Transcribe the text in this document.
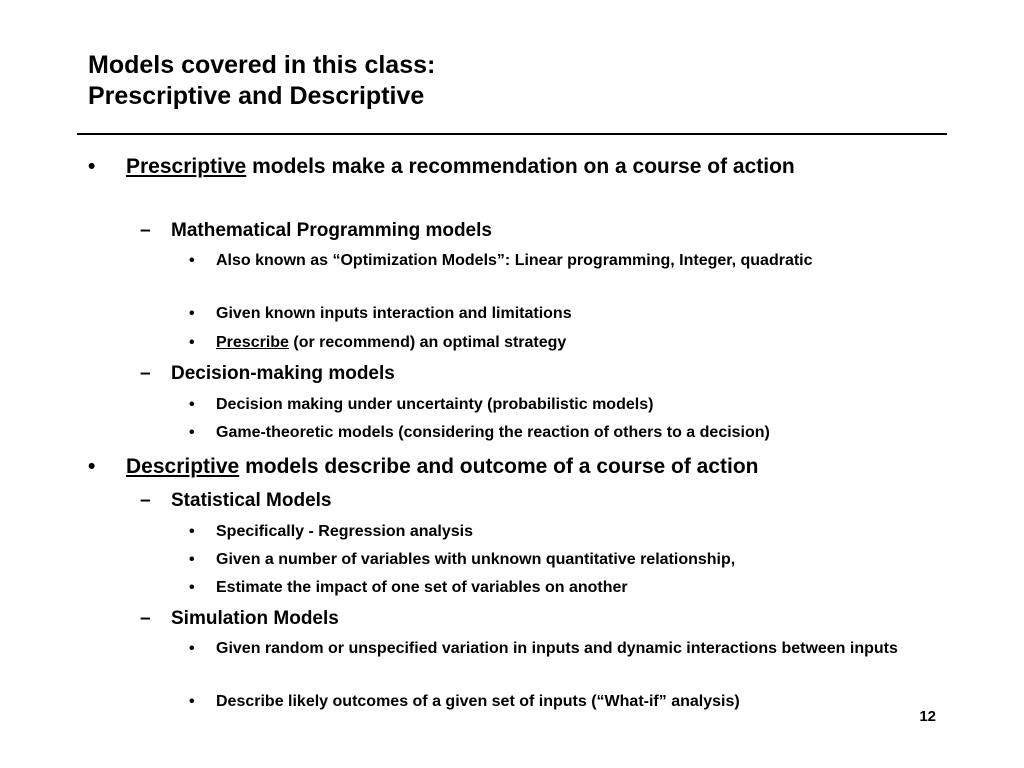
Models covered in this class:
Prescriptive and Descriptive

• Prescriptive models make a recommendation on a course of action

– Mathematical Programming models

• Also known as “Optimization Models”: Linear programming, Integer, quadratic

• Given known inputs interaction and limitations

• Prescribe (or recommend) an optimal strategy

– Decision-making models

• Decision making under uncertainty (probabilistic models)

• Game-theoretic models (considering the reaction of others to a decision)

• Descriptive models describe and outcome of a course of action

– Statistical Models

• Specifically - Regression analysis

• Given a number of variables with unknown quantitative relationship,

• Estimate the impact of one set of variables on another

– Simulation Models

• Given random or unspecified variation in inputs and dynamic interactions between inputs

• Describe likely outcomes of a given set of inputs (“What-if” analysis)

12
